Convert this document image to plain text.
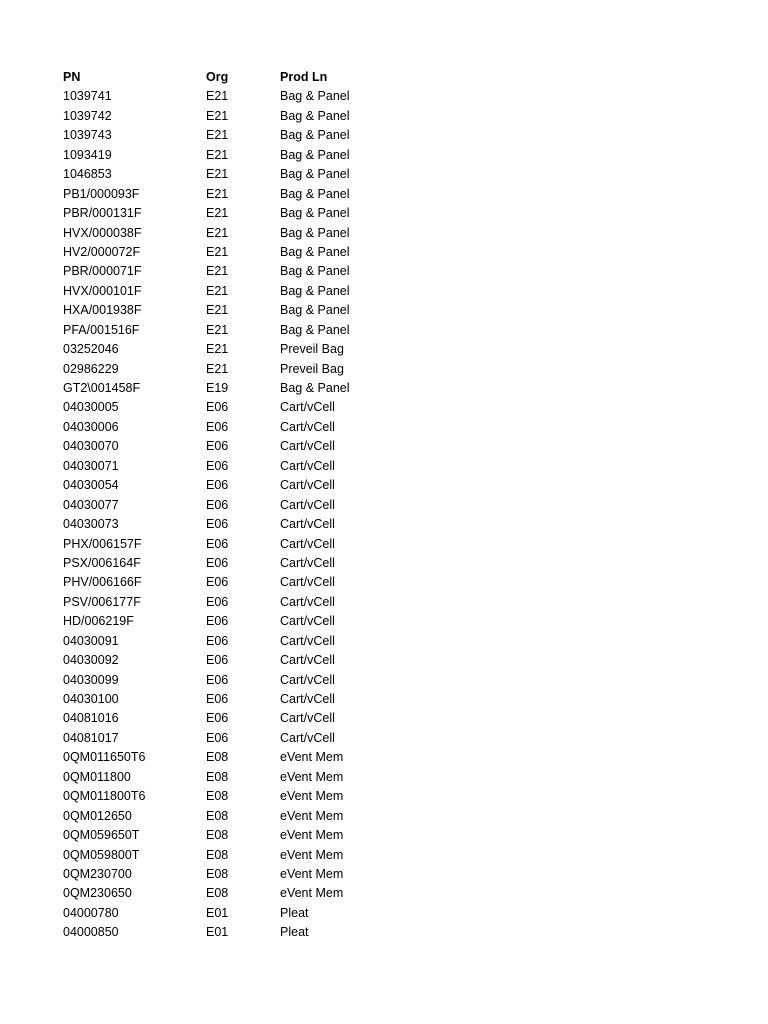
PN	Org	Prod Ln
1039741	E21	Bag & Panel
1039742	E21	Bag & Panel
1039743	E21	Bag & Panel
1093419	E21	Bag & Panel
1046853	E21	Bag & Panel
PB1/000093F	E21	Bag & Panel
PBR/000131F	E21	Bag & Panel
HVX/000038F	E21	Bag & Panel
HV2/000072F	E21	Bag & Panel
PBR/000071F	E21	Bag & Panel
HVX/000101F	E21	Bag & Panel
HXA/001938F	E21	Bag & Panel
PFA/001516F	E21	Bag & Panel
03252046	E21	Preveil Bag
02986229	E21	Preveil Bag
GT2\001458F	E19	Bag & Panel
04030005	E06	Cart/vCell
04030006	E06	Cart/vCell
04030070	E06	Cart/vCell
04030071	E06	Cart/vCell
04030054	E06	Cart/vCell
04030077	E06	Cart/vCell
04030073	E06	Cart/vCell
PHX/006157F	E06	Cart/vCell
PSX/006164F	E06	Cart/vCell
PHV/006166F	E06	Cart/vCell
PSV/006177F	E06	Cart/vCell
HD/006219F	E06	Cart/vCell
04030091	E06	Cart/vCell
04030092	E06	Cart/vCell
04030099	E06	Cart/vCell
04030100	E06	Cart/vCell
04081016	E06	Cart/vCell
04081017	E06	Cart/vCell
0QM011650T6	E08	eVent Mem
0QM011800	E08	eVent Mem
0QM011800T6	E08	eVent Mem
0QM012650	E08	eVent Mem
0QM059650T	E08	eVent Mem
0QM059800T	E08	eVent Mem
0QM230700	E08	eVent Mem
0QM230650	E08	eVent Mem
04000780	E01	Pleat
04000850	E01	Pleat
